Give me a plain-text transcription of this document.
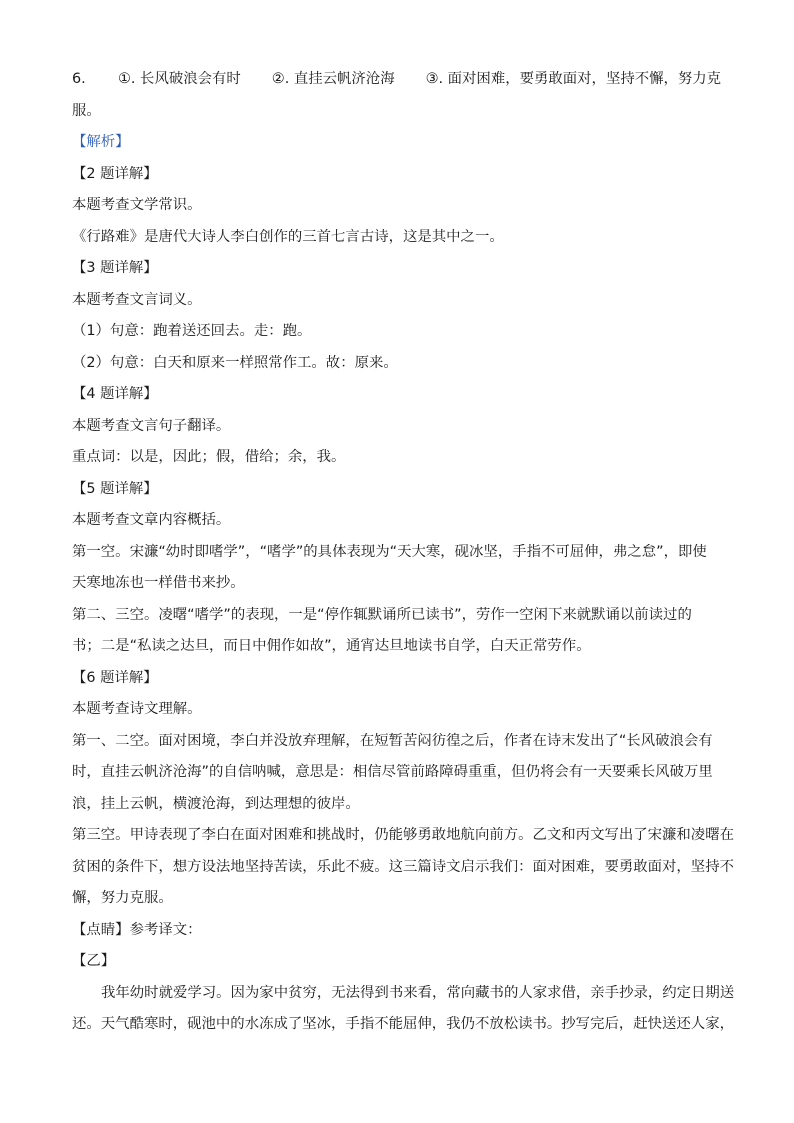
6.	①. 长风破浪会有时 ②. 直挂云帆济沧海 ③. 面对困难，要勇敢面对，坚持不懈，努力克
服。
【解析】
【2 题详解】
本题考查文学常识。
《行路难》是唐代大诗人李白创作的三首七言古诗，这是其中之一。
【3 题详解】
本题考查文言词义。
（1）句意：跑着送还回去。走：跑。
（2）句意：白天和原来一样照常作工。故：原来。
【4 题详解】
本题考查文言句子翻译。
重点词：以是，因此；假，借给；余，我。
【5 题详解】
本题考查文章内容概括。
第一空。宋濂“幼时即嗜学”，“嗜学”的具体表现为“天大寒，砚冰坚，手指不可屈伸，弗之怠”，即使
天寒地冻也一样借书来抄。
第二、三空。凌曙“嗜学”的表现，一是“停作辄默诵所已读书”，劳作一空闲下来就默诵以前读过的
书；二是“私读之达旦，而日中佣作如故”，通宵达旦地读书自学，白天正常劳作。
【6 题详解】
本题考查诗文理解。
第一、二空。面对困境，李白并没放弃理解，在短暂苦闷彷徨之后，作者在诗末发出了“长风破浪会有
时，直挂云帆济沧海”的自信呐喊，意思是：相信尽管前路障碍重重，但仍将会有一天要乘长风破万里
浪，挂上云帆，横渡沧海，到达理想的彼岸。
第三空。甲诗表现了李白在面对困难和挑战时，仍能够勇敢地航向前方。乙文和丙文写出了宋濂和凌曙在
贫困的条件下，想方设法地坚持苦读，乐此不疲。这三篇诗文启示我们：面对困难，要勇敢面对，坚持不
懈，努力克服。
【点睛】参考译文：
【乙】
我年幼时就爱学习。因为家中贫穷，无法得到书来看，常向藏书的人家求借，亲手抄录，约定日期送
还。天气酷寒时，砚池中的水冻成了坚冰，手指不能屈伸，我仍不放松读书。抄写完后，赶快送还人家，
